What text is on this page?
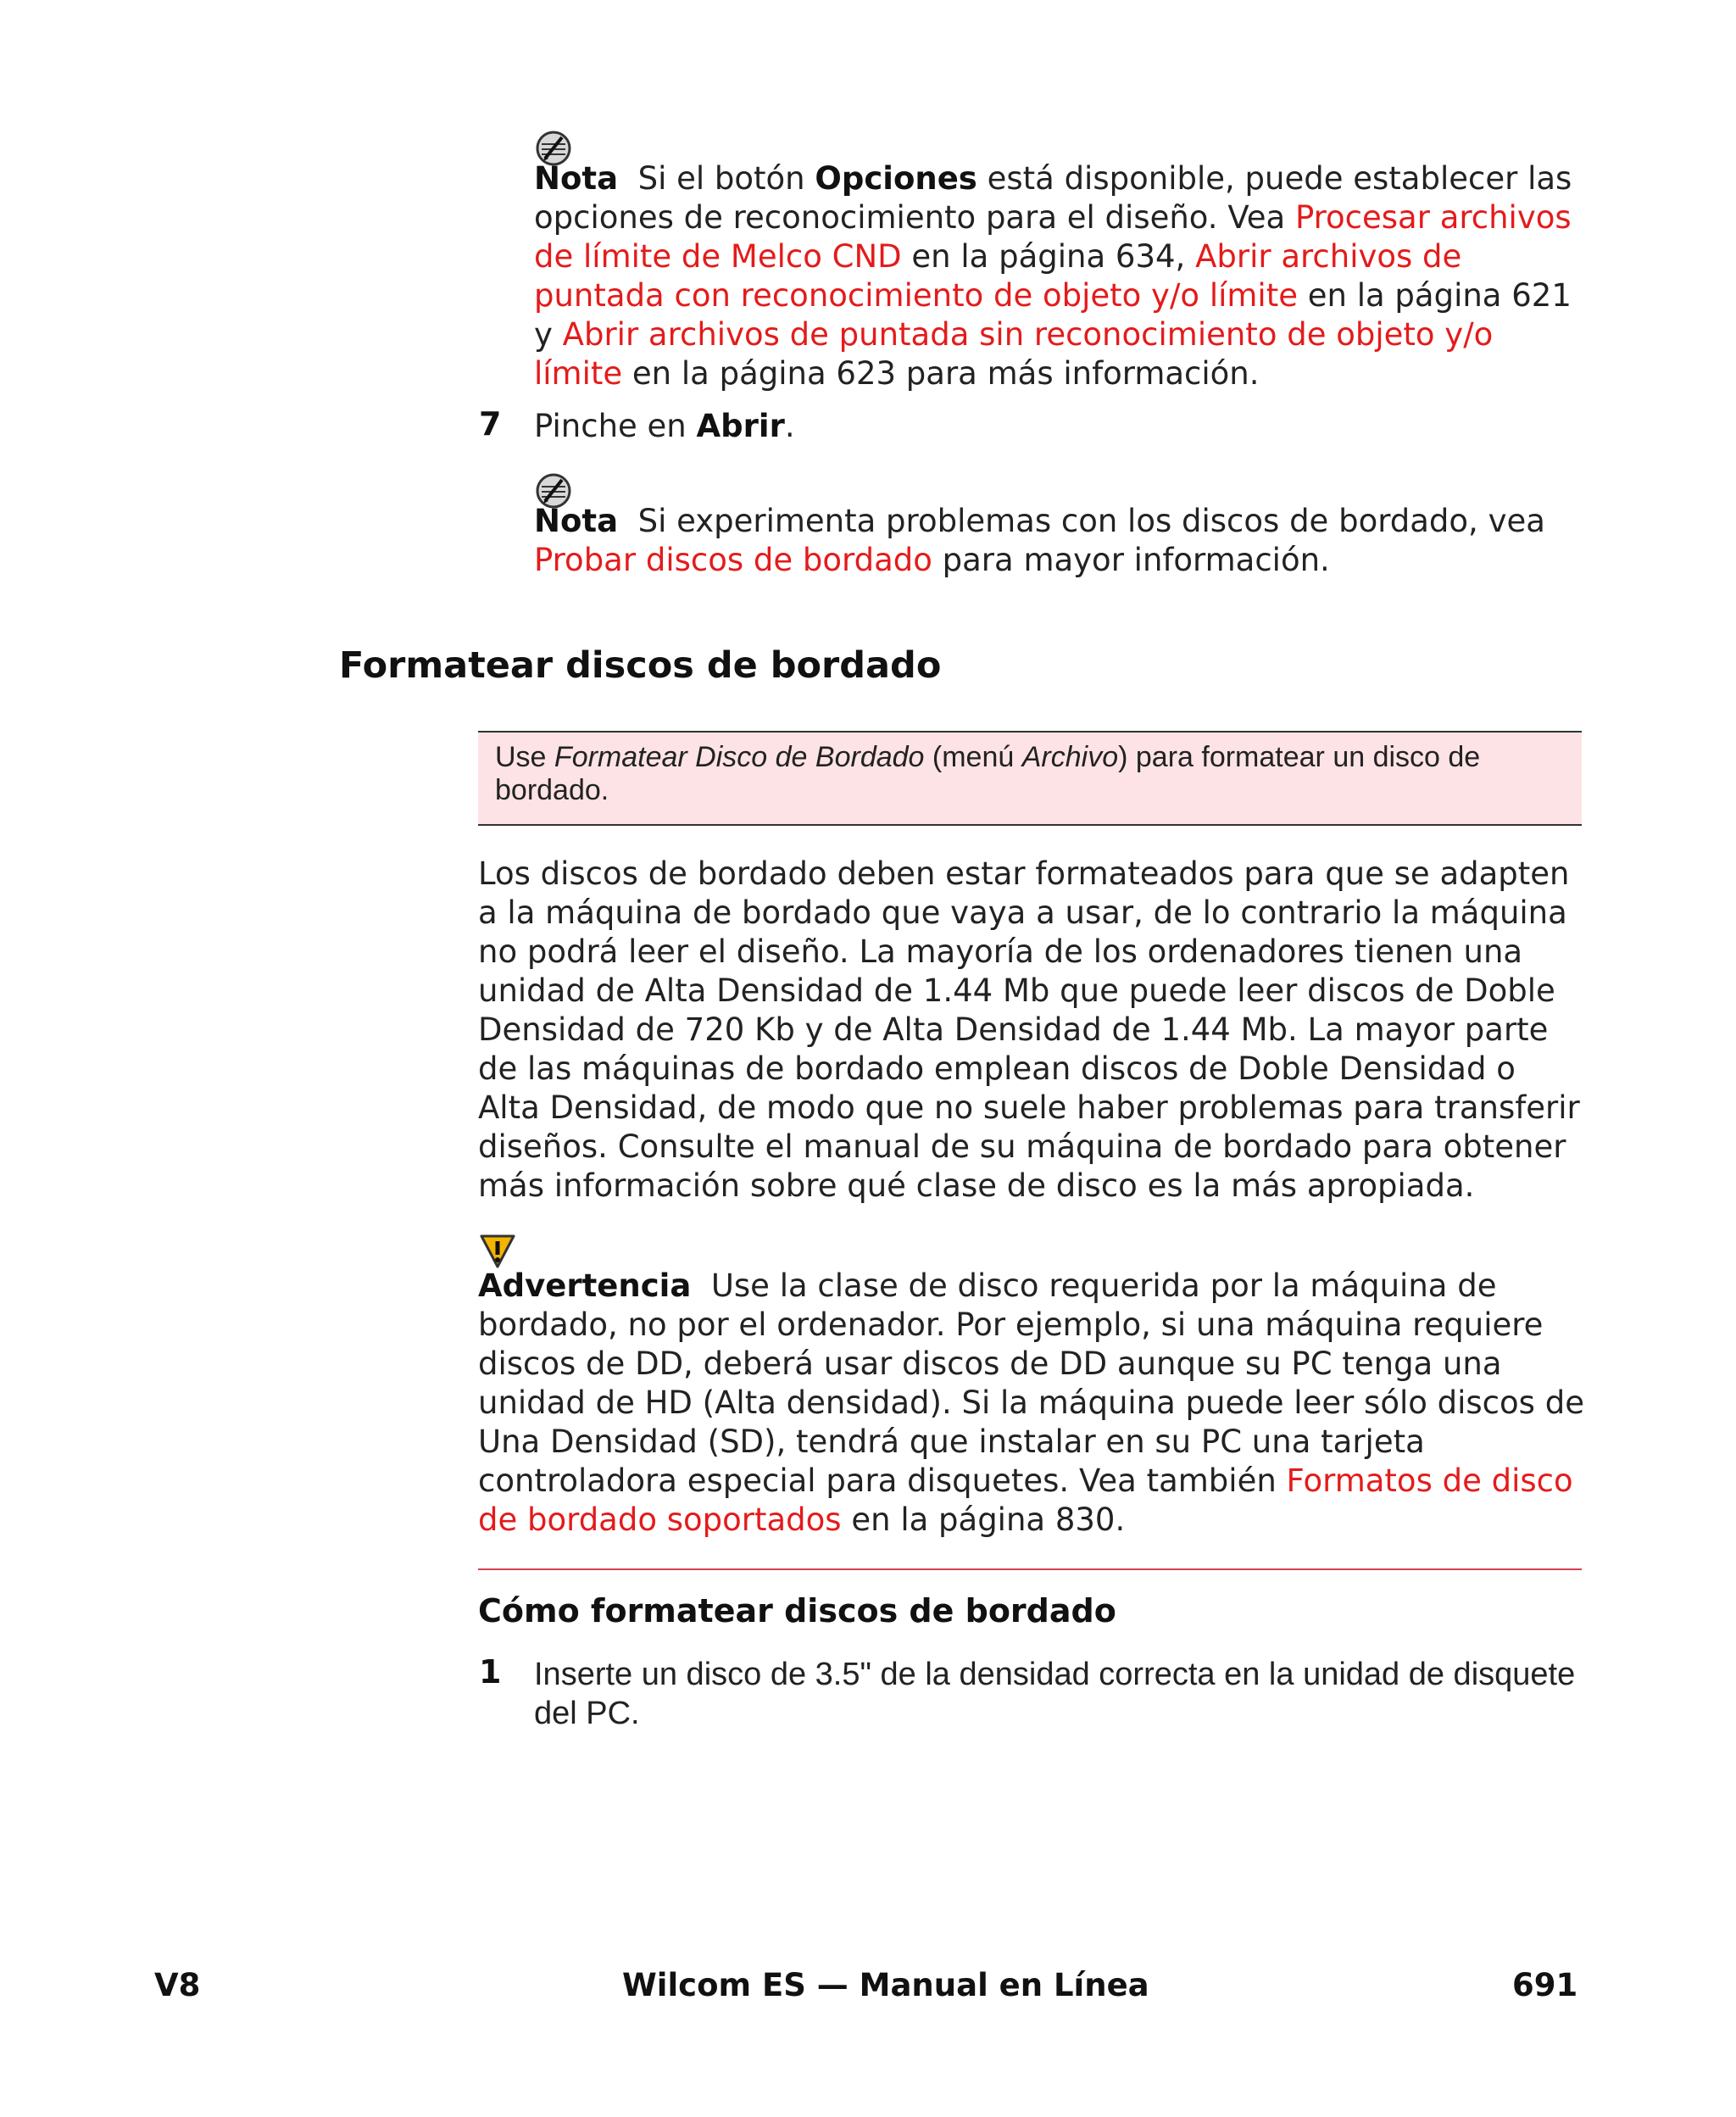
Nota Si el botón Opciones está disponible, puede establecer las opciones de reconocimiento para el diseño. Vea Procesar archivos de límite de Melco CND en la página 634, Abrir archivos de puntada con reconocimiento de objeto y/o límite en la página 621 y Abrir archivos de puntada sin reconocimiento de objeto y/o límite en la página 623 para más información.
7 Pinche en Abrir.
Nota Si experimenta problemas con los discos de bordado, vea Probar discos de bordado para mayor información.
Formatear discos de bordado
Use Formatear Disco de Bordado (menú Archivo) para formatear un disco de bordado.
Los discos de bordado deben estar formateados para que se adapten a la máquina de bordado que vaya a usar, de lo contrario la máquina no podrá leer el diseño. La mayoría de los ordenadores tienen una unidad de Alta Densidad de 1.44 Mb que puede leer discos de Doble Densidad de 720 Kb y de Alta Densidad de 1.44 Mb. La mayor parte de las máquinas de bordado emplean discos de Doble Densidad o Alta Densidad, de modo que no suele haber problemas para transferir diseños. Consulte el manual de su máquina de bordado para obtener más información sobre qué clase de disco es la más apropiada.
Advertencia Use la clase de disco requerida por la máquina de bordado, no por el ordenador. Por ejemplo, si una máquina requiere discos de DD, deberá usar discos de DD aunque su PC tenga una unidad de HD (Alta densidad). Si la máquina puede leer sólo discos de Una Densidad (SD), tendrá que instalar en su PC una tarjeta controladora especial para disquetes. Vea también Formatos de disco de bordado soportados en la página 830.
Cómo formatear discos de bordado
1 Inserte un disco de 3.5" de la densidad correcta en la unidad de disquete del PC.
V8	Wilcom ES — Manual en Línea	691
